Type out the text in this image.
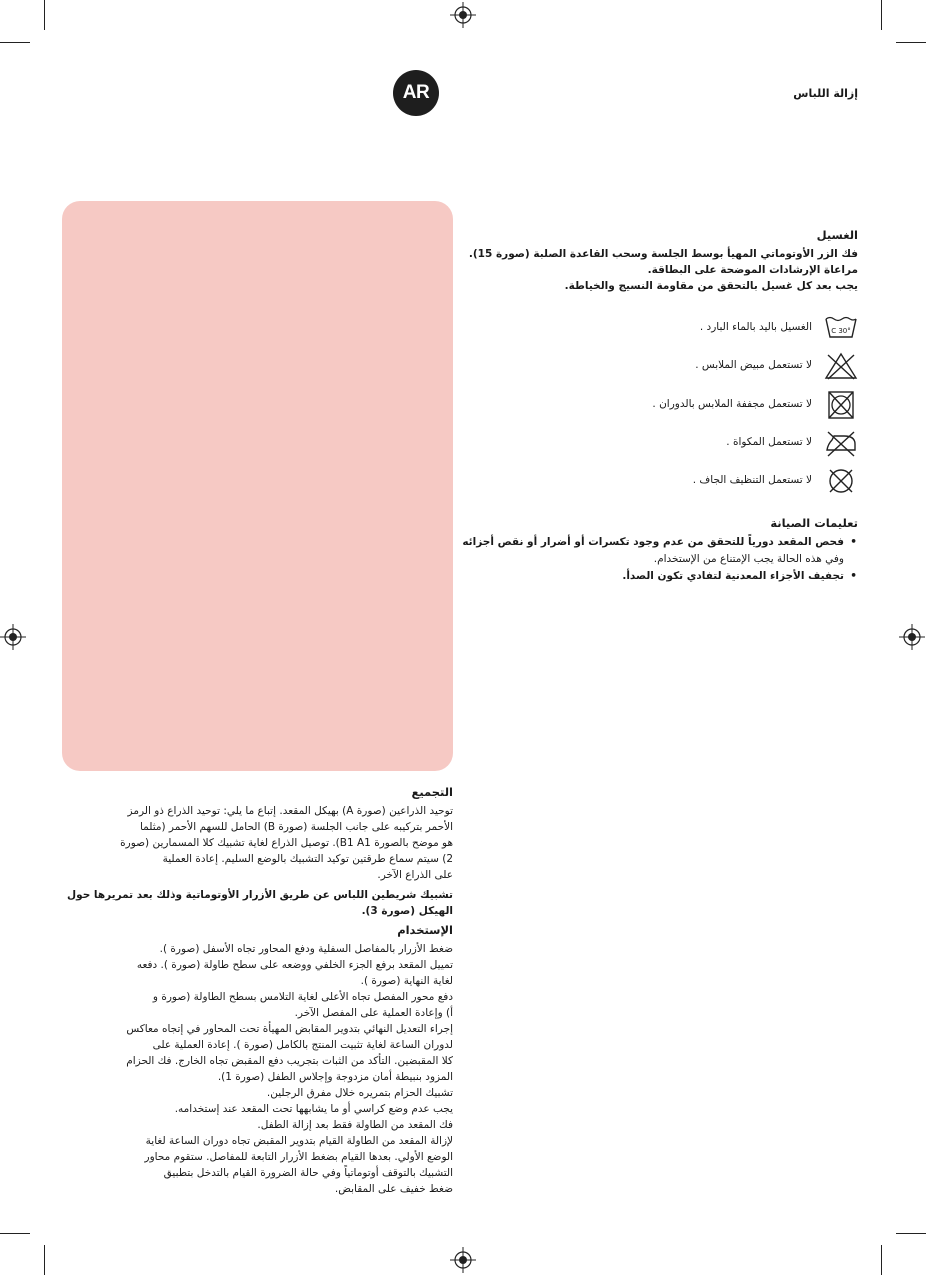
AR	إزالة اللباس
الغسيل
فك الزر الأوتوماتي المهيأ بوسط الجلسة وسحب القاعدة الصلبة (صورة 15).
مراعاة الإرشادات الموضحة على البطاقة.
يجب بعد كل غسيل بالتحقق من مقاومة النسيج والخياطة.
30° C
الغسيل باليد بالماء البارد .
لا تستعمل مبيض الملابس .
لا تستعمل مجففة الملابس بالدوران .
لا تستعمل المكواة .
لا تستعمل التنظيف الجاف .
تعليمات الصيانة
•
فحص المقعد دورياً للتحقق من عدم وجود تكسرات أو أضرار أو نقص أجزائه
وفي هذه الحالة يجب الإمتناع من الإستخدام.
•
تجفيف الأجزاء المعدنية لتفادي تكون الصدأ.
التجميع
توحيد الذراعين (صورة A) بهيكل المقعد. إتباع ما يلي: توحيد الذراع ذو الرمز
الأحمر بتركيبه على جانب الجلسة (صورة B) الحامل للسهم الأحمر (مثلما
هو موضح بالصورة B1 A1). توصيل الذراع لغاية تشبيك كلا المسمارين (صورة
2) سيتم سماع طرقتين توكيد التشبيك بالوضع السليم. إعادة العملية
على الذراع الآخر.
تشبيك شريطين اللباس عن طريق الأزرار الأوتوماتية وذلك بعد تمريرها حول
الهيكل (صورة 3).
الإستخدام
ضغط الأزرار بالمفاصل السفلية ودفع المحاور تجاه الأسفل (صورة ).
تمييل المقعد برفع الجزء الخلفي ووضعه على سطح طاولة (صورة ). دفعه
لغاية النهاية (صورة ).
دفع محور المفصل تجاه الأعلى لغاية التلامس بسطح الطاولة (صورة و
أ) وإعادة العملية على المفصل الآخر.
إجراء التعديل النهائي بتدوير المقابض المهيأة تحت المحاور في إتجاه معاكس
لدوران الساعة لغاية تثبيت المنتج بالكامل (صورة ). إعادة العملية على
كلا المقبضين. التأكد من الثبات بتجريب دفع المقبض تجاه الخارج. فك الحزام
المزود بنبيطة أمان مزدوجة وإجلاس الطفل (صورة 1).
تشبيك الحزام بتمريره خلال مفرق الرجلين.
يجب عدم وضع كراسي أو ما يشابهها تحت المقعد عند إستخدامه.
فك المقعد من الطاولة فقط بعد إزالة الطفل.
لإزالة المقعد من الطاولة القيام بتدوير المقبض تجاه دوران الساعة لغاية
الوضع الأولي. بعدها القيام بضغط الأزرار التابعة للمفاصل. ستقوم محاور
التشبيك بالتوقف أوتوماتياً وفي حالة الضرورة القيام بالتدخل بتطبيق
ضغط خفيف على المقابض.
